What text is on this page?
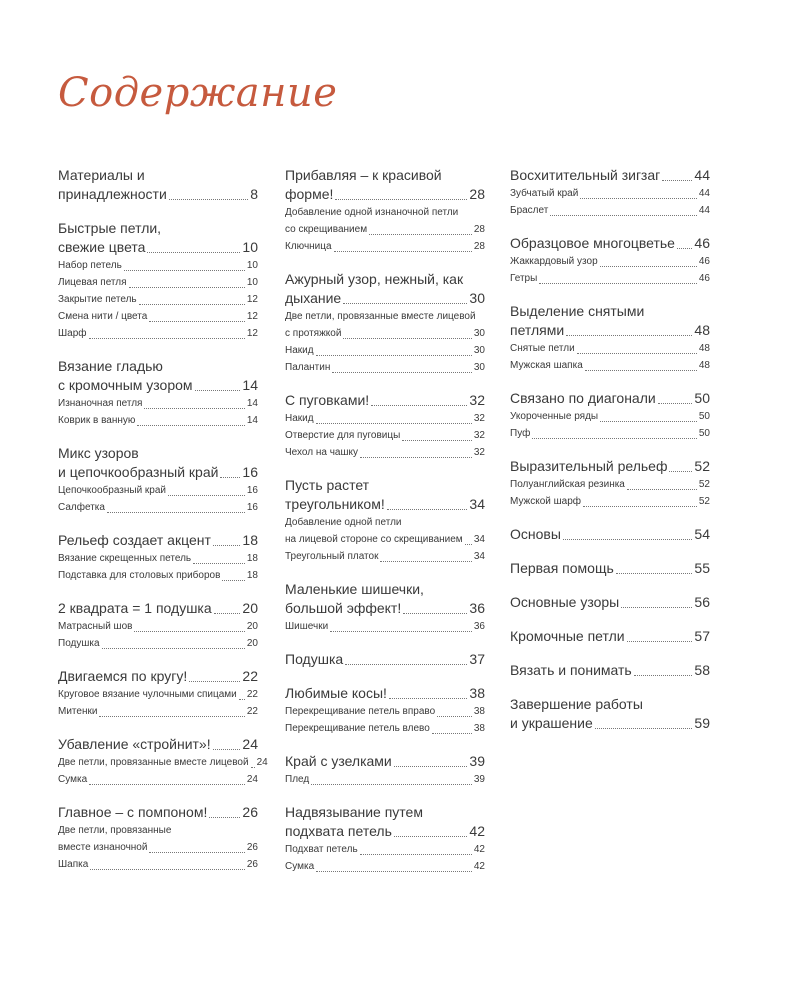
Содержание
Материалы и
принадлежности	8
Быстрые петли,
свежие цвета	10
Набор петель	10
Лицевая петля	10
Закрытие петель	12
Смена нити / цвета	12
Шарф	12
Вязание гладью
с кромочным узором	14
Изнаночная петля	14
Коврик в ванную	14
Микс узоров
и цепочкообразный край 16
Цепочкообразный край	16
Салфетка	16
Рельеф создает акцент 18
Вязание скрещенных петель	18
Подставка для столовых приборов	18
2 квадрата = 1 подушка 20
Матрасный шов	20
Подушка	20
Двигаемся по кругу!	22
Круговое вязание чулочными спицами 22
Митенки	22
Убавление «стройнит»! 24
Две петли, провязанные вместе лицевой 24
Сумка	24
Главное – с помпоном!	26
Две петли, провязанные
вместе изнаночной	26
Шапка	26
Прибавляя – к красивой
форме!	28
Добавление одной изнаночной петли
со скрещиванием	28
Ключница	28
Ажурный узор, нежный, как
дыхание	30
Две петли, провязанные вместе лицевой
с протяжкой	30
Накид	30
Палантин	30
С пуговками!	32
Накид	32
Отверстие для пуговицы	32
Чехол на чашку	32
Пусть растет
треугольником!	34
Добавление одной петли
на лицевой стороне со скрещиванием 34
Треугольный платок	34
Маленькие шишечки,
большой эффект!	36
Шишечки	36
Подушка	37
Любимые косы!	38
Перекрещивание петель вправо	38
Перекрещивание петель влево	38
Край с узелками	39
Плед	39
Надвязывание путем
подхвата петель	42
Подхват петель	42
Сумка	42
Восхитительный зигзаг 44
Зубчатый край	44
Браслет	44
Образцовое многоцветье 46
Жаккардовый узор	46
Гетры	46
Выделение снятыми
петлями	48
Снятые петли	48
Мужская шапка	48
Связано по диагонали	50
Укороченные ряды	50
Пуф	50
Выразительный рельеф 52
Полуанглийская резинка	52
Мужской шарф	52
Основы	54
Первая помощь	55
Основные узоры	56
Кромочные петли	57
Вязать и понимать	58
Завершение работы
и украшение	59
